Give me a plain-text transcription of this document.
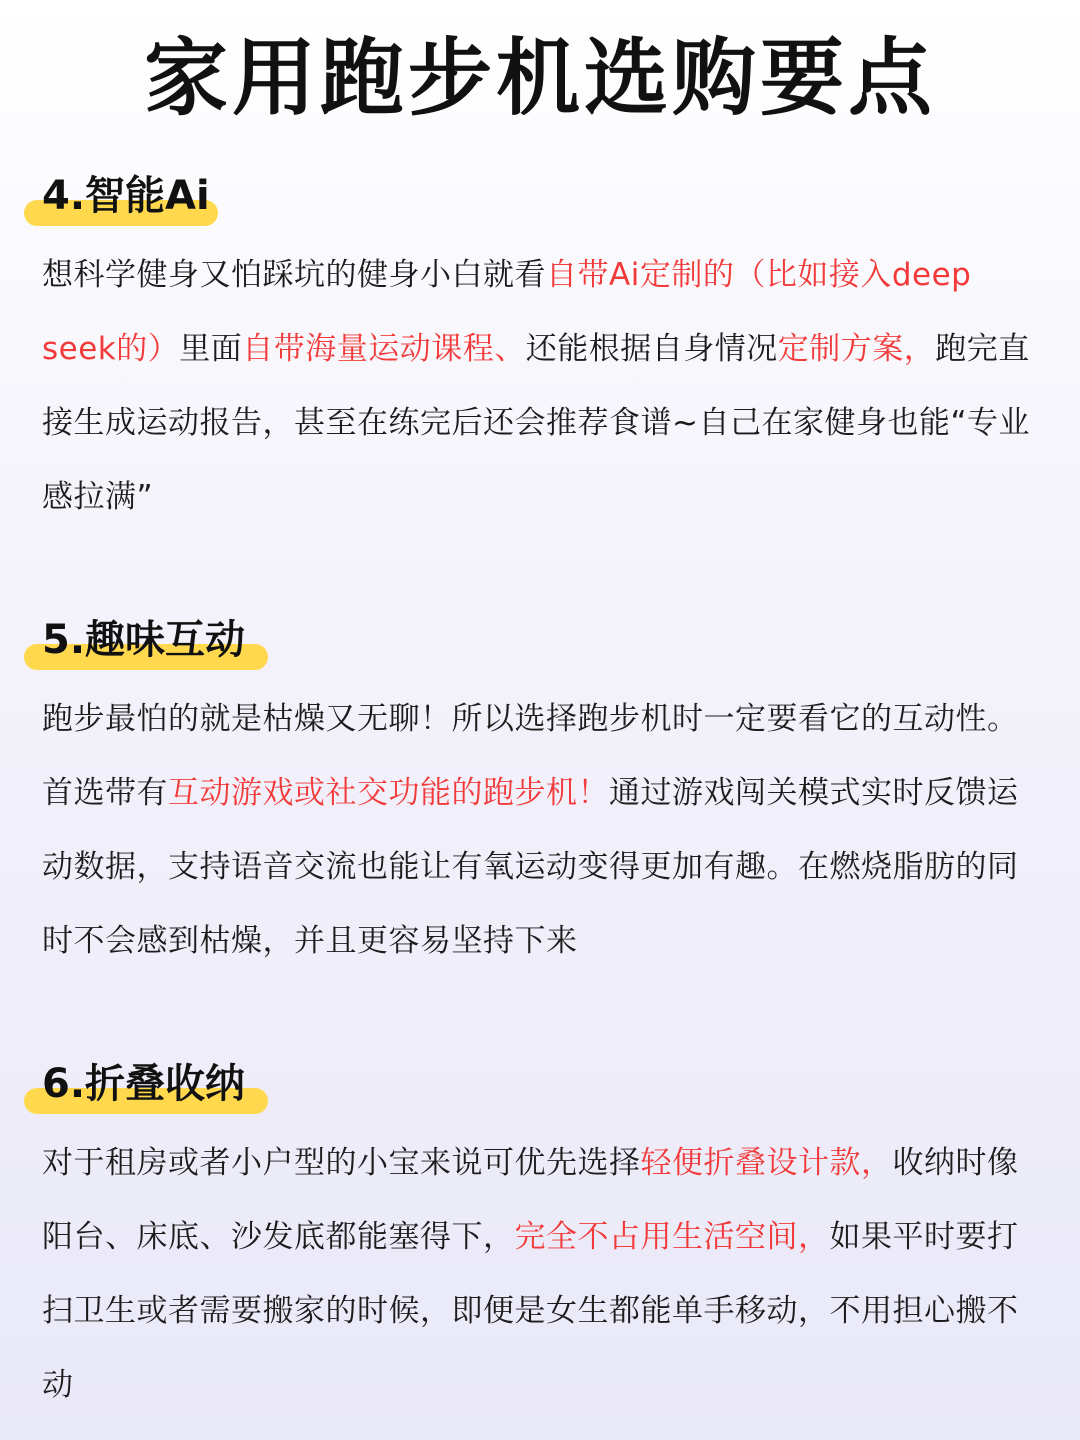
家用跑步机选购要点
4.智能Ai

想科学健身又怕踩坑的健身小白就看自带Ai定制的（比如接入deep seek的）里面自带海量运动课程、还能根据自身情况定制方案，跑完直接生成运动报告，甚至在练完后还会推荐食谱~自己在家健身也能“专业感拉满”

5.趣味互动

跑步最怕的就是枯燥又无聊！所以选择跑步机时一定要看它的互动性。首选带有互动游戏或社交功能的跑步机！通过游戏闯关模式实时反馈运动数据，支持语音交流也能让有氧运动变得更加有趣。在燃烧脂肪的同时不会感到枯燥，并且更容易坚持下来

6.折叠收纳

对于租房或者小户型的小宝来说可优先选择轻便折叠设计款，收纳时像阳台、床底、沙发底都能塞得下，完全不占用生活空间，如果平时要打扫卫生或者需要搬家的时候，即便是女生都能单手移动，不用担心搬不动
